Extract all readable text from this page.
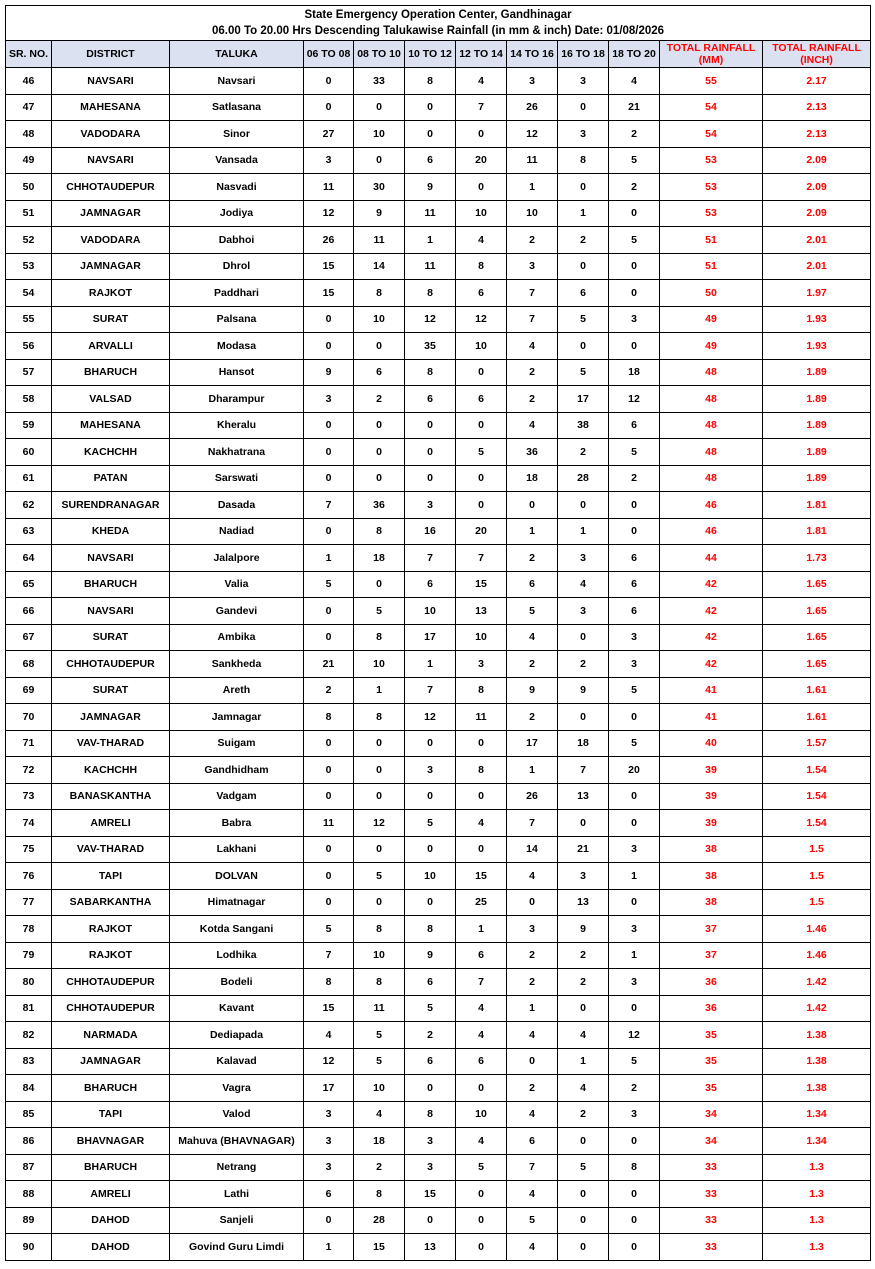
State Emergency Operation Center, Gandhinagar
06.00 To 20.00 Hrs Descending Talukawise Rainfall (in mm & inch) Date: 01/08/2026											

SR. NO.	DISTRICT	TALUKA	06 TO 08	08 TO 10	10 TO 12	12 TO 14	14 TO 16	16 TO 18	18 TO 20	TOTAL RAINFALL (MM)	TOTAL RAINFALL (INCH)
46	NAVSARI	Navsari	0	33	8	4	3	3	4	55	2.17
47	MAHESANA	Satlasana	0	0	0	7	26	0	21	54	2.13
48	VADODARA	Sinor	27	10	0	0	12	3	2	54	2.13
49	NAVSARI	Vansada	3	0	6	20	11	8	5	53	2.09
50	CHHOTAUDEPUR	Nasvadi	11	30	9	0	1	0	2	53	2.09
51	JAMNAGAR	Jodiya	12	9	11	10	10	1	0	53	2.09
52	VADODARA	Dabhoi	26	11	1	4	2	2	5	51	2.01
53	JAMNAGAR	Dhrol	15	14	11	8	3	0	0	51	2.01
54	RAJKOT	Paddhari	15	8	8	6	7	6	0	50	1.97
55	SURAT	Palsana	0	10	12	12	7	5	3	49	1.93
56	ARVALLI	Modasa	0	0	35	10	4	0	0	49	1.93
57	BHARUCH	Hansot	9	6	8	0	2	5	18	48	1.89
58	VALSAD	Dharampur	3	2	6	6	2	17	12	48	1.89
59	MAHESANA	Kheralu	0	0	0	0	4	38	6	48	1.89
60	KACHCHH	Nakhatrana	0	0	0	5	36	2	5	48	1.89
61	PATAN	Sarswati	0	0	0	0	18	28	2	48	1.89
62	SURENDRANAGAR	Dasada	7	36	3	0	0	0	0	46	1.81
63	KHEDA	Nadiad	0	8	16	20	1	1	0	46	1.81
64	NAVSARI	Jalalpore	1	18	7	7	2	3	6	44	1.73
65	BHARUCH	Valia	5	0	6	15	6	4	6	42	1.65
66	NAVSARI	Gandevi	0	5	10	13	5	3	6	42	1.65
67	SURAT	Ambika	0	8	17	10	4	0	3	42	1.65
68	CHHOTAUDEPUR	Sankheda	21	10	1	3	2	2	3	42	1.65
69	SURAT	Areth	2	1	7	8	9	9	5	41	1.61
70	JAMNAGAR	Jamnagar	8	8	12	11	2	0	0	41	1.61
71	VAV-THARAD	Suigam	0	0	0	0	17	18	5	40	1.57
72	KACHCHH	Gandhidham	0	0	3	8	1	7	20	39	1.54
73	BANASKANTHA	Vadgam	0	0	0	0	26	13	0	39	1.54
74	AMRELI	Babra	11	12	5	4	7	0	0	39	1.54
75	VAV-THARAD	Lakhani	0	0	0	0	14	21	3	38	1.5
76	TAPI	DOLVAN	0	5	10	15	4	3	1	38	1.5
77	SABARKANTHA	Himatnagar	0	0	0	25	0	13	0	38	1.5
78	RAJKOT	Kotda Sangani	5	8	8	1	3	9	3	37	1.46
79	RAJKOT	Lodhika	7	10	9	6	2	2	1	37	1.46
80	CHHOTAUDEPUR	Bodeli	8	8	6	7	2	2	3	36	1.42
81	CHHOTAUDEPUR	Kavant	15	11	5	4	1	0	0	36	1.42
82	NARMADA	Dediapada	4	5	2	4	4	4	12	35	1.38
83	JAMNAGAR	Kalavad	12	5	6	6	0	1	5	35	1.38
84	BHARUCH	Vagra	17	10	0	0	2	4	2	35	1.38
85	TAPI	Valod	3	4	8	10	4	2	3	34	1.34
86	BHAVNAGAR	Mahuva (BHAVNAGAR)	3	18	3	4	6	0	0	34	1.34
87	BHARUCH	Netrang	3	2	3	5	7	5	8	33	1.3
88	AMRELI	Lathi	6	8	15	0	4	0	0	33	1.3
89	DAHOD	Sanjeli	0	28	0	0	5	0	0	33	1.3
90	DAHOD	Govind Guru Limdi	1	15	13	0	4	0	0	33	1.3
